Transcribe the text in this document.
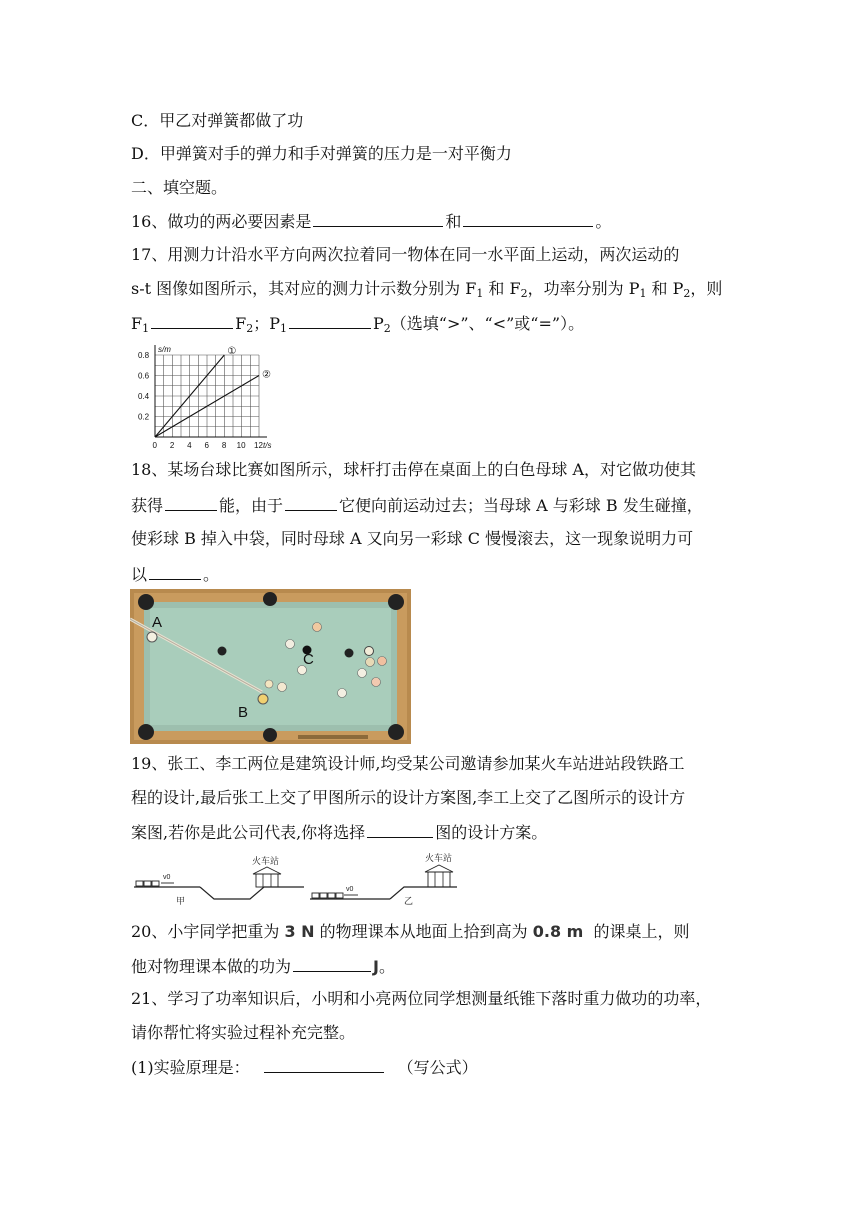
C．甲乙对弹簧都做了功
D．甲弹簧对手的弹力和手对弹簧的压力是一对平衡力
二、填空题。
16、做功的两必要因素是	和	。
17、用测力计沿水平方向两次拉着同一物体在同一水平面上运动，两次运动的
s-t 图像如图所示，其对应的测力计示数分别为 $F_1$ 和 $F_2$，功率分别为 $P_1$ 和 $P_2$，则
$F_1$	$F_2$；$P_1$	$P_2$（选填“>”、“<”或“=”）。
①
②
0 2 4 6 8 10 12
0.2
0.4
0.6
0.8
s/m
t/s
18、某场台球比赛如图所示，球杆打击停在桌面上的白色母球 A，对它做功使其
获得	能，由于	它便向前运动过去；当母球 A 与彩球 B 发生碰撞，
使彩球 B 掉入中袋，同时母球 A 又向另一彩球 C 慢慢滚去，这一现象说明力可
以	。
A
B
C
19、张工、李工两位是建筑设计师,均受某公司邀请参加某火车站进站段铁路工
程的设计,最后张工上交了甲图所示的设计方案图,李工上交了乙图所示的设计方
案图,若你是此公司代表,你将选择	图的设计方案。
v0
火车站
甲
v0
火车站
乙
20、小宇同学把重为 3 N 的物理课本从地面上拾到高为 0.8 m 的课桌上，则
他对物理课本做的功为	J。
21、学习了功率知识后，小明和小亮两位同学想测量纸锥下落时重力做功的功率，
请你帮忙将实验过程补充完整。
(1)实验原理是：	（写公式）
